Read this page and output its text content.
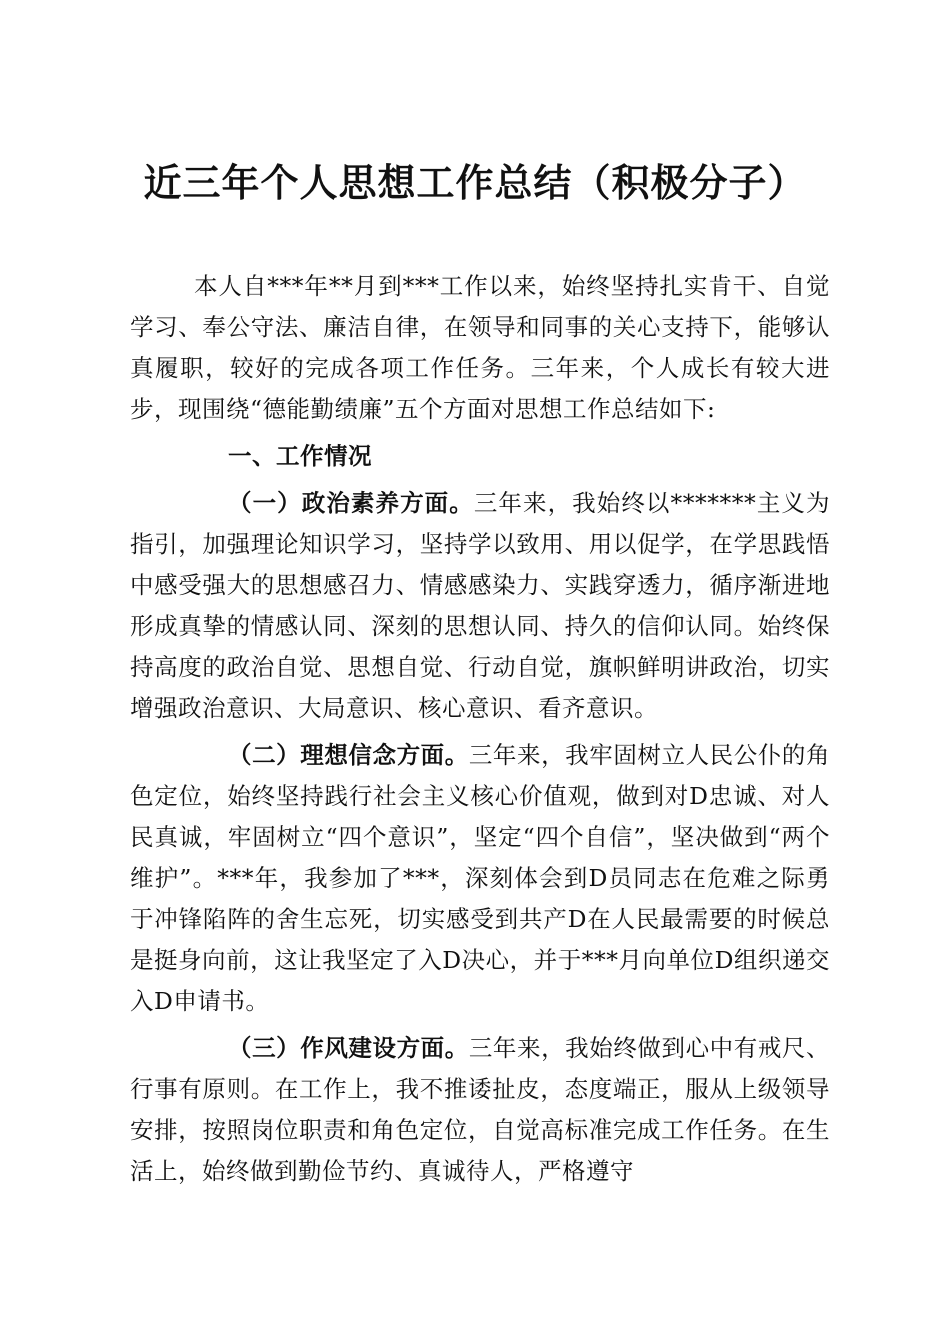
近三年个人思想工作总结（积极分子）

本人自***年**月到***工作以来，始终坚持扎实肯干、自觉学习、奉公守法、廉洁自律，在领导和同事的关心支持下，能够认真履职，较好的完成各项工作任务。三年来，个人成长有较大进步，现围绕“德能勤绩廉”五个方面对思想工作总结如下:

一、工作情况

（一）政治素养方面。三年来，我始终以*******主义为指引，加强理论知识学习，坚持学以致用、用以促学，在学思践悟中感受强大的思想感召力、情感感染力、实践穿透力，循序渐进地形成真挚的情感认同、深刻的思想认同、持久的信仰认同。始终保持高度的政治自觉、思想自觉、行动自觉，旗帜鲜明讲政治，切实增强政治意识、大局意识、核心意识、看齐意识。

（二）理想信念方面。三年来，我牢固树立人民公仆的角色定位，始终坚持践行社会主义核心价值观，做到对D忠诚、对人民真诚，牢固树立“四个意识”，坚定“四个自信”，坚决做到“两个维护”。***年，我参加了***，深刻体会到D员同志在危难之际勇于冲锋陷阵的舍生忘死，切实感受到共产D在人民最需要的时候总是挺身向前，这让我坚定了入D决心，并于***月向单位D组织递交入D申请书。

（三）作风建设方面。三年来，我始终做到心中有戒尺、行事有原则。在工作上，我不推诿扯皮，态度端正，服从上级领导安排，按照岗位职责和角色定位，自觉高标准完成工作任务。在生活上，始终做到勤俭节约、真诚待人，严格遵守
